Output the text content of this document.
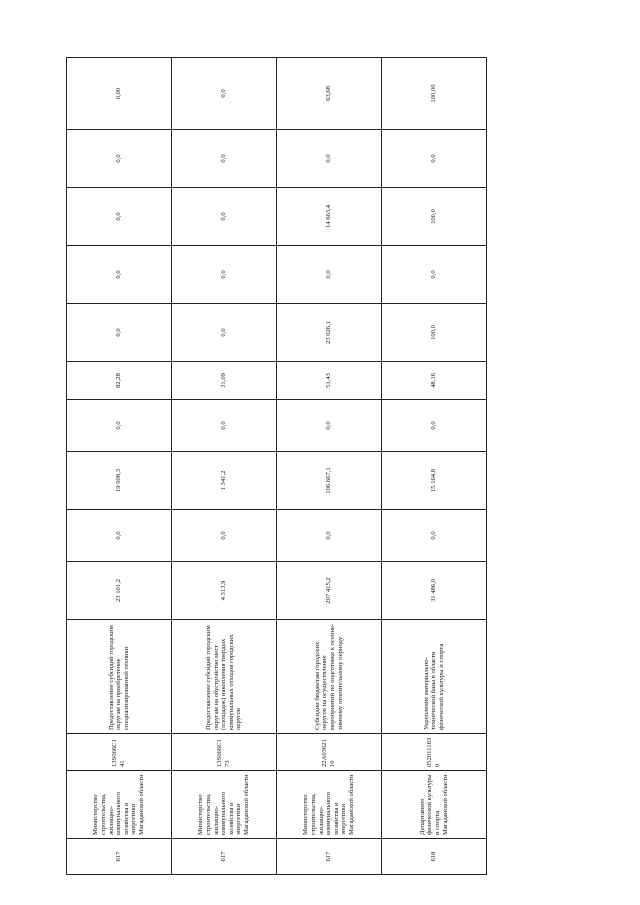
617	Министерство строительства, жилищно-коммунального хозяйства и энергетики Магаданской области	13S066С141	Предоставление субсидий городским округам на приобретение специализированной техники	23 101,2	0,0	19 008,3	0,0	82,28	0,0	0,0	0,0	0,0	0,00
617	Министерство строительства, жилищно-коммунального хозяйства и энергетики Магаданской области	13S066С173	Предоставление субсидий городским округам на обустройство мест (площадок) накопления твердых коммунальных отходов городских округов	4 313,9	0,0	1 341,2	0,0	31,09	0,0	0,0	0,0	0,0	0,0
617	Министерство строительства, жилищно-коммунального хозяйства и энергетики Магаданской области	22А0362110	Субсидии бюджетам городских округов на осуществление мероприятий по подготовке к осенне-зимнему отопительному периоду	207 415,2	0,0	106 667,1	0,0	51,43	23 026,1	0,0	14 663,4	0,0	63,68
618	Департамент физической культуры и спорта Магаданской области	0520111830	Укрепление материально-технической базы в области физической культуры и спорта	31 486,0	0,0	15 164,8	0,0	48,16	100,0	0,0	100,0	0,0	100,00
